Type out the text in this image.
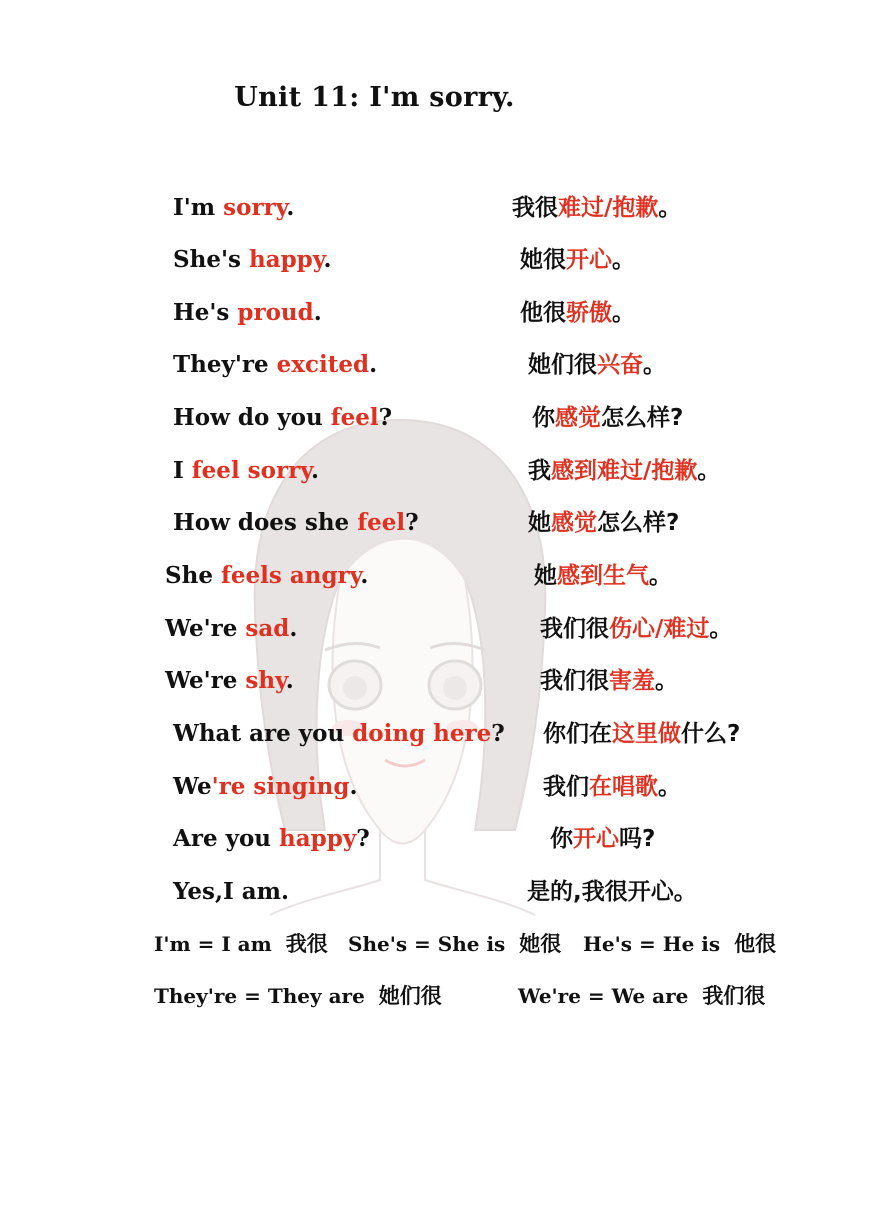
Unit 11: I'm sorry.
I'm sorry.	我很难过/抱歉。
She's happy.	她很开心。
He's proud.	他很骄傲。
They're excited.	她们很兴奋。
How do you feel?	你感觉怎么样?
I feel sorry.	我感到难过/抱歉。
How does she feel?	她感觉怎么样?
She feels angry.	她感到生气。
We're sad.	我们很伤心/难过。
We're shy.	我们很害羞。
What are you doing here? 你们在这里做什么?
We're singing.	我们在唱歌。
Are you happy?	你开心吗?
Yes,I am.	是的,我很开心。
I'm = I am 我很 She's = She is 她很 He's = He is 他很
They're = They are 她们很	We're = We are 我们很
